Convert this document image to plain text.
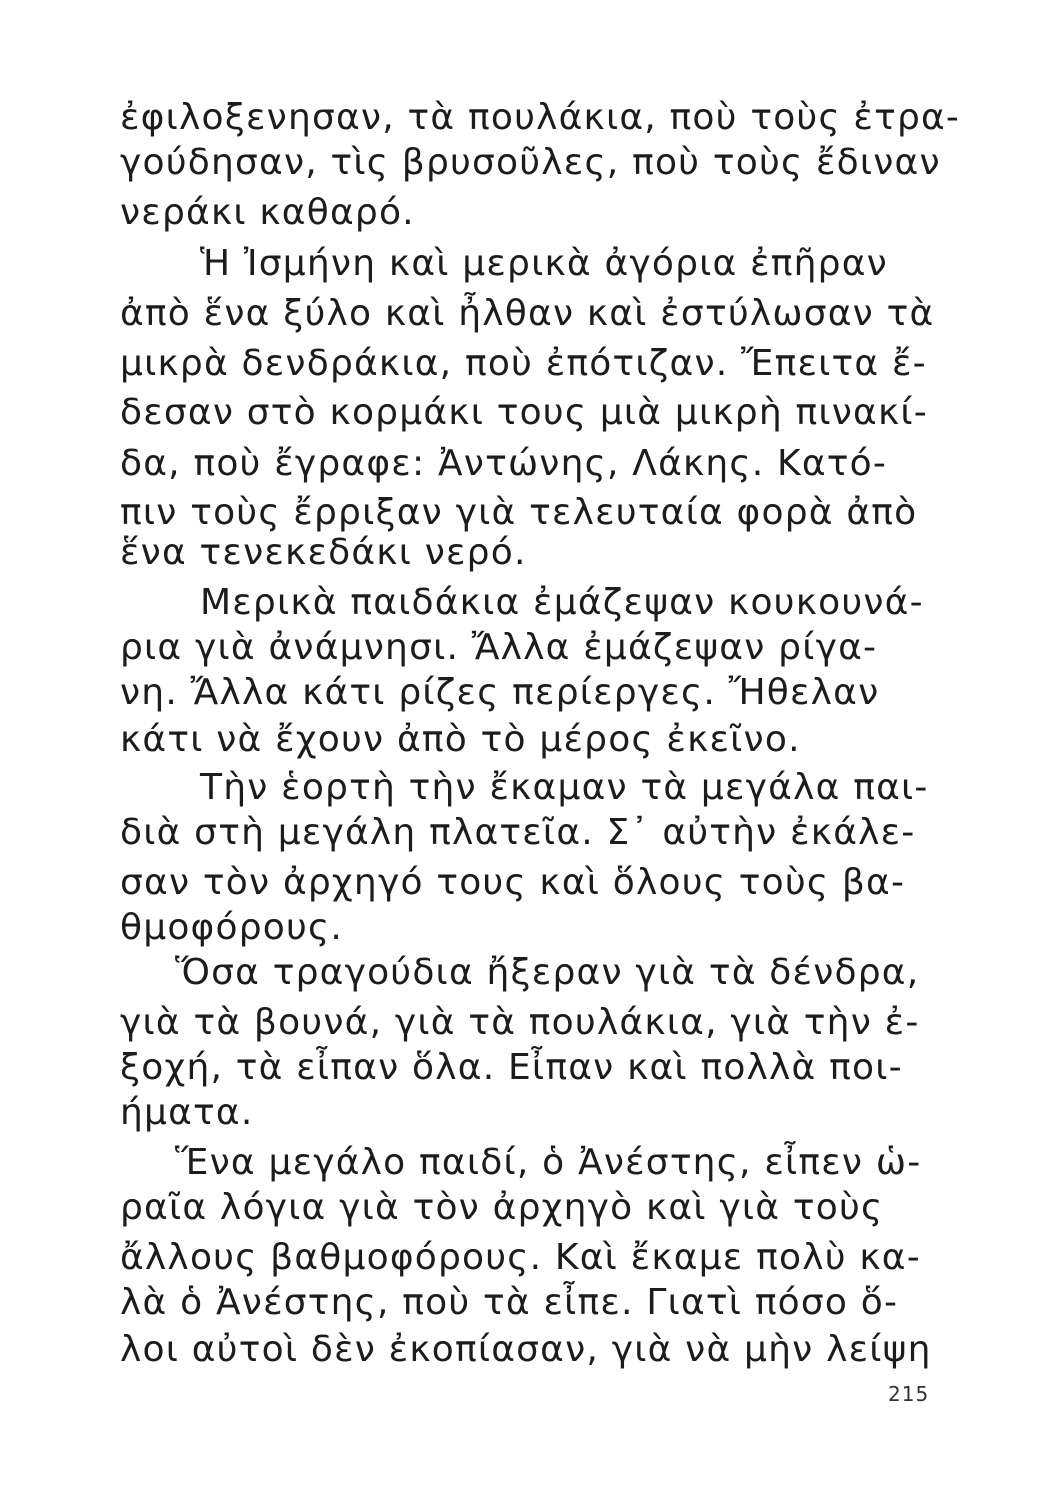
ἐφιλοξενησαν, τὰ πουλάκια, ποὺ τοὺς ἐτρα-
γούδησαν, τὶς βρυσοῦλες, ποὺ τοὺς ἔδιναν
νεράκι καθαρό.
Ἡ Ἰσμήνη καὶ μερικὰ ἀγόρια ἐπῆραν
ἀπὸ ἕνα ξύλο καὶ ἦλθαν καὶ ἐστύλωσαν τὰ
μικρὰ δενδράκια, ποὺ ἐπότιζαν. Ἔπειτα ἔ-
δεσαν στὸ κορμάκι τους μιὰ μικρὴ πινακί-
δα, ποὺ ἔγραφε: Ἀντώνης, Λάκης. Κατό-
πιν τοὺς ἔρριξαν γιὰ τελευταία φορὰ ἀπὸ
ἕνα τενεκεδάκι νερό.
Μερικὰ παιδάκια ἐμάζεψαν κουκουνά-
ρια γιὰ ἀνάμνησι. Ἄλλα ἐμάζεψαν ρίγα-
νη. Ἄλλα κάτι ρίζες περίεργες. Ἤθελαν
κάτι νὰ ἔχουν ἀπὸ τὸ μέρος ἐκεῖνο.
Τὴν ἑορτὴ τὴν ἔκαμαν τὰ μεγάλα παι-
διὰ στὴ μεγάλη πλατεῖα. Σ᾽ αὐτὴν ἐκάλε-
σαν τὸν ἀρχηγό τους καὶ ὅλους τοὺς βα-
θμοφόρους.
Ὅσα τραγούδια ἤξεραν γιὰ τὰ δένδρα,
γιὰ τὰ βουνά, γιὰ τὰ πουλάκια, γιὰ τὴν ἐ-
ξοχή, τὰ εἶπαν ὅλα. Εἶπαν καὶ πολλὰ ποι-
ήματα.
Ἕνα μεγάλο παιδί, ὁ Ἀνέστης, εἶπεν ὡ-
ραῖα λόγια γιὰ τὸν ἀρχηγὸ καὶ γιὰ τοὺς
ἄλλους βαθμοφόρους. Καὶ ἔκαμε πολὺ κα-
λὰ ὁ Ἀνέστης, ποὺ τὰ εἶπε. Γιατὶ πόσο ὅ-
λοι αὐτοὶ δὲν ἐκοπίασαν, γιὰ νὰ μὴν λείψη
215
